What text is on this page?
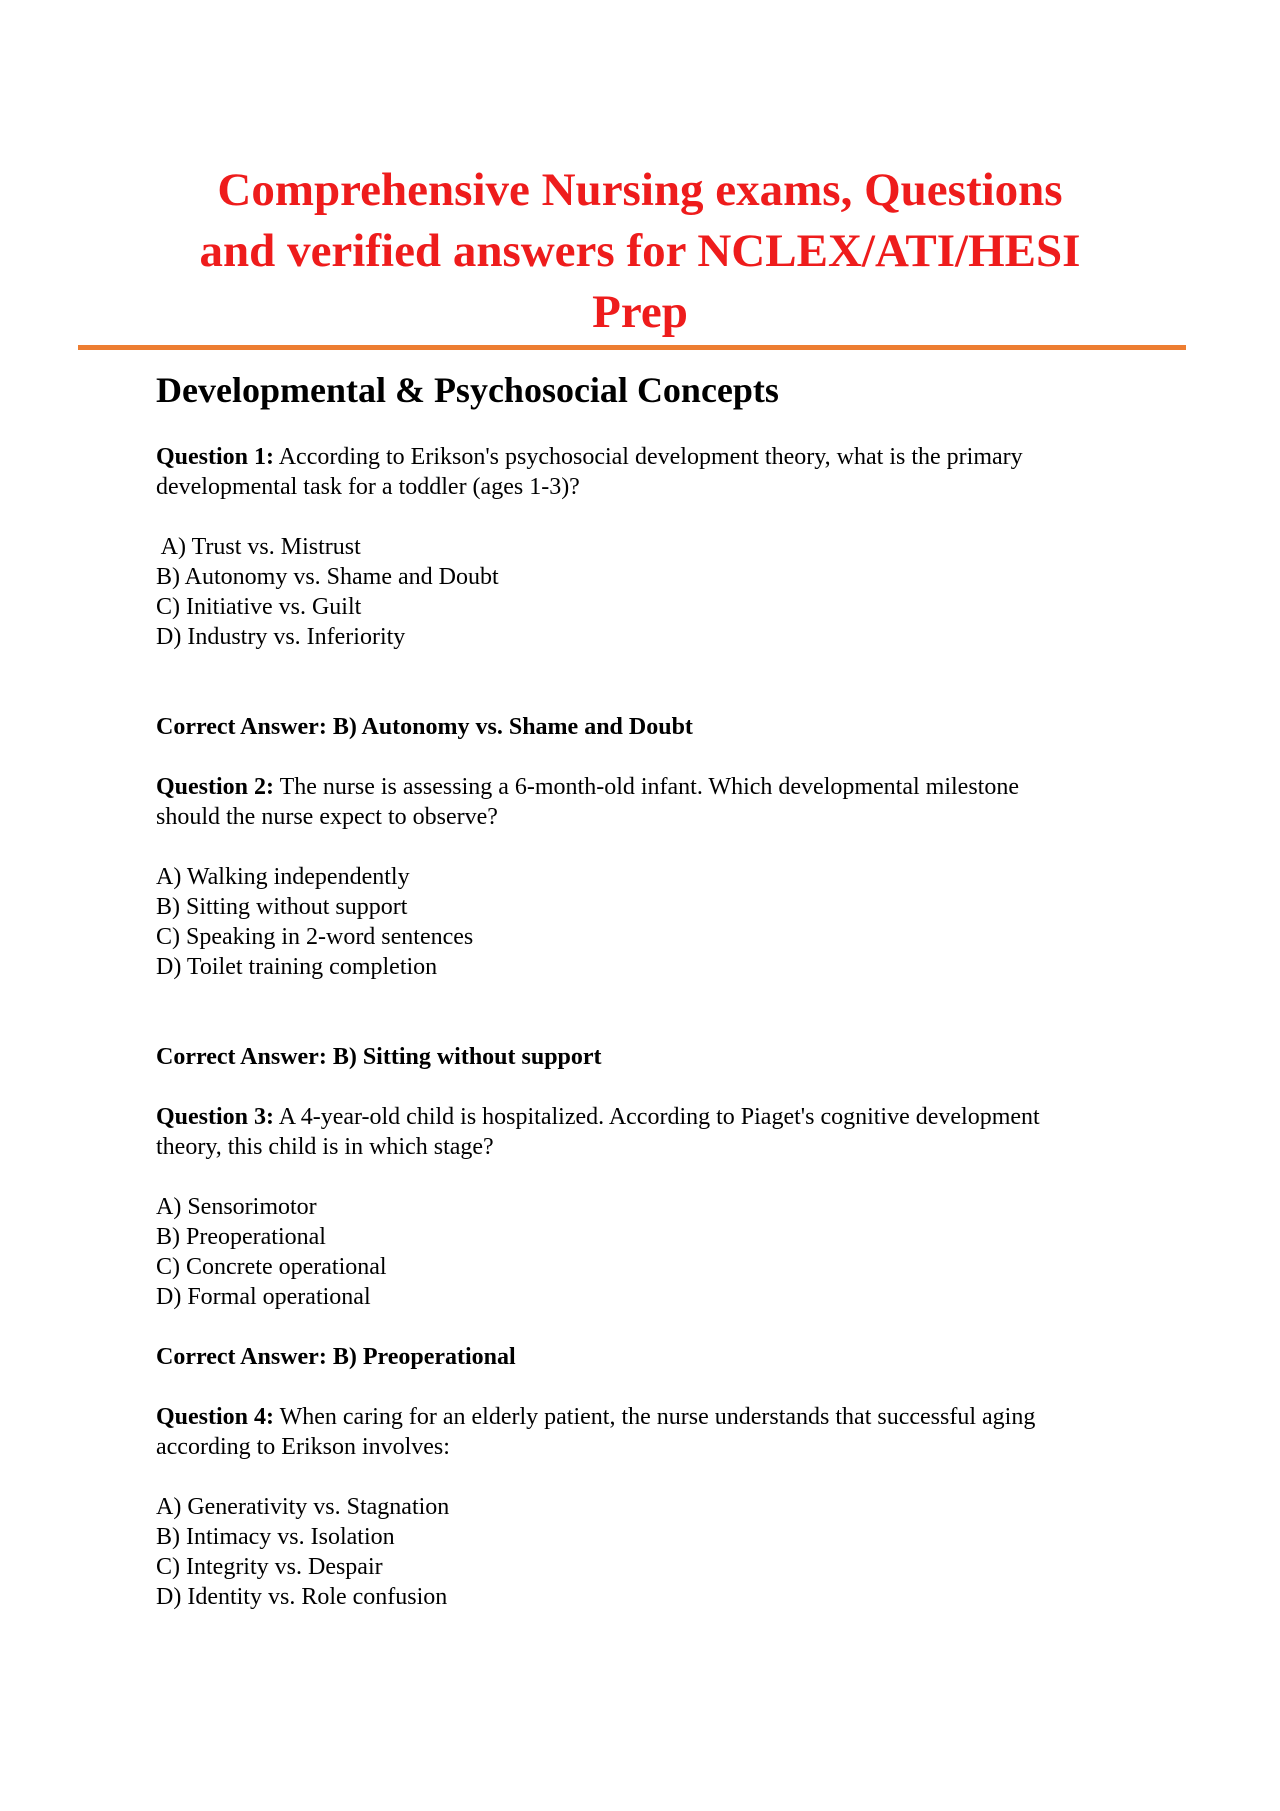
Comprehensive Nursing exams, Questions
and verified answers for NCLEX/ATI/HESI
Prep
Developmental & Psychosocial Concepts
Question 1: According to Erikson's psychosocial development theory, what is the primary
developmental task for a toddler (ages 1-3)?
A) Trust vs. Mistrust
B) Autonomy vs. Shame and Doubt
C) Initiative vs. Guilt
D) Industry vs. Inferiority
Correct Answer: B) Autonomy vs. Shame and Doubt
Question 2: The nurse is assessing a 6-month-old infant. Which developmental milestone
should the nurse expect to observe?
A) Walking independently
B) Sitting without support
C) Speaking in 2-word sentences
D) Toilet training completion
Correct Answer: B) Sitting without support
Question 3: A 4-year-old child is hospitalized. According to Piaget's cognitive development
theory, this child is in which stage?
A) Sensorimotor
B) Preoperational
C) Concrete operational
D) Formal operational
Correct Answer: B) Preoperational
Question 4: When caring for an elderly patient, the nurse understands that successful aging
according to Erikson involves:
A) Generativity vs. Stagnation
B) Intimacy vs. Isolation
C) Integrity vs. Despair
D) Identity vs. Role confusion
